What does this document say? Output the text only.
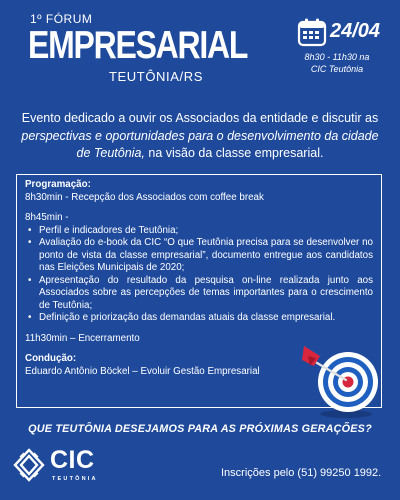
1º FÓRUM
EMPRESARIAL
TEUTÔNIA/RS
24/04
8h30 - 11h30 na
CIC Teutônia
Evento dedicado a ouvir os Associados da entidade e discutir as perspectivas e oportunidades para o desenvolvimento da cidade de Teutônia, na visão da classe empresarial.
Programação:
8h30min - Recepção dos Associados com coffee break
8h45min -
• Perfil e indicadores de Teutônia;
• Avaliação do e-book da CIC “O que Teutônia precisa para se desenvolver no ponto de vista da classe empresarial”, documento entregue aos candidatos nas Eleições Municipais de 2020;
• Apresentação do resultado da pesquisa on-line realizada junto aos Associados sobre as percepções de temas importantes para o crescimento de Teutônia;
• Definição e priorização das demandas atuais da classe empresarial.
11h30min – Encerramento
Condução:
Eduardo Antônio Böckel – Evoluir Gestão Empresarial
QUE TEUTÔNIA DESEJAMOS PARA AS PRÓXIMAS GERAÇÕES?
CIC
TEUTÔNIA	Inscrições pelo (51) 99250 1992.
